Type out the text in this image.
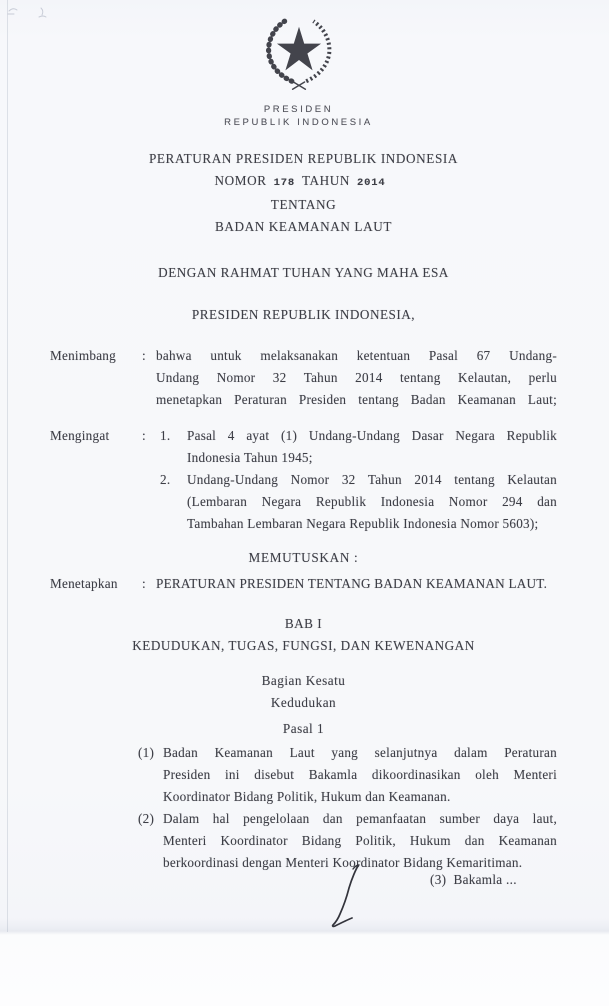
PRESIDEN
REPUBLIK INDONESIA
PERATURAN PRESIDEN REPUBLIK INDONESIA
NOMOR 178 TAHUN 2014
TENTANG
BADAN KEAMANAN LAUT
DENGAN RAHMAT TUHAN YANG MAHA ESA
PRESIDEN REPUBLIK INDONESIA,
Menimbang	: bahwa untuk melaksanakan ketentuan Pasal 67 Undang-
Undang Nomor 32 Tahun 2014 tentang Kelautan, perlu
menetapkan Peraturan Presiden tentang Badan Keamanan Laut;
Mengingat	:	1.	Pasal 4 ayat (1) Undang-Undang Dasar Negara Republik
Indonesia Tahun 1945;
2.	Undang-Undang Nomor 32 Tahun 2014 tentang Kelautan
(Lembaran Negara Republik Indonesia Nomor 294 dan
Tambahan Lembaran Negara Republik Indonesia Nomor 5603);
MEMUTUSKAN :
Menetapkan	: PERATURAN PRESIDEN TENTANG BADAN KEAMANAN LAUT.
BAB I
KEDUDUKAN, TUGAS, FUNGSI, DAN KEWENANGAN
Bagian Kesatu
Kedudukan
Pasal 1
(1) Badan Keamanan Laut yang selanjutnya dalam Peraturan
Presiden ini disebut Bakamla dikoordinasikan oleh Menteri
Koordinator Bidang Politik, Hukum dan Keamanan.
(2) Dalam hal pengelolaan dan pemanfaatan sumber daya laut,
Menteri Koordinator Bidang Politik, Hukum dan Keamanan
berkoordinasi dengan Menteri Koordinator Bidang Kemaritiman.
(3)  Bakamla ...
